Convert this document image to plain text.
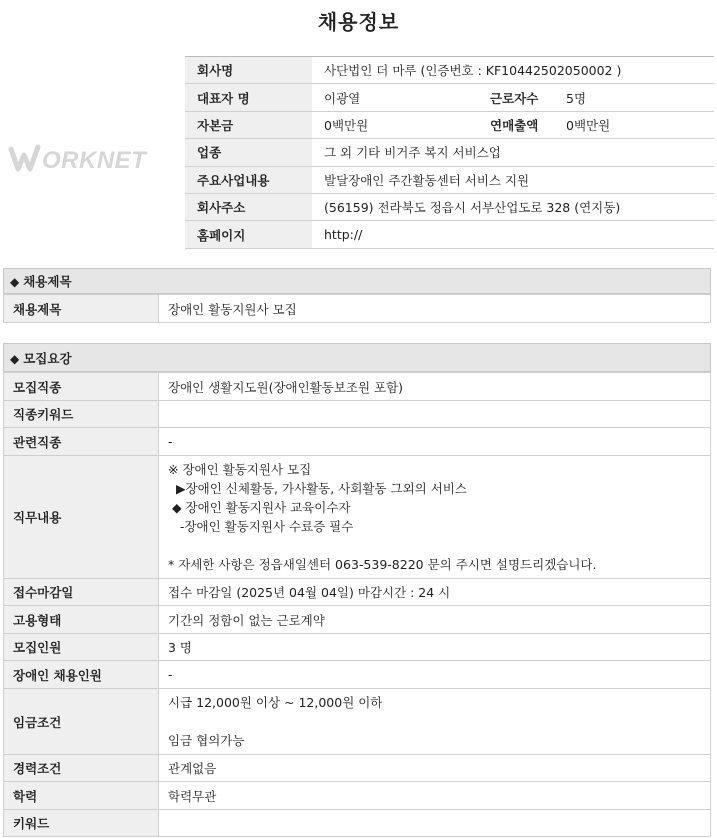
채용정보
ORKNET
회사명	사단법인 더 마루 (인증번호 : KF10442502050002 )		
대표자 명	이광열	근로자수	5명
자본금	0백만원	연매출액	0백만원
업종	그 외 기타 비거주 복지 서비스업		
주요사업내용	발달장애인 주간활동센터 서비스 지원		
회사주소	(56159) 전라북도 정읍시 서부산업도로 328 (연지동)		
홈페이지	http://		
◆ 채용제목
채용제목	장애인 활동지원사 모집
◆ 모집요강
모집직종	장애인 생활지도원(장애인활동보조원 포함)
직종키워드	
관련직종	-
직무내용	※ 장애인 활동지원사 모집
▶장애인 신체활동, 가사활동, 사회활동 그외의 서비스
◆ 장애인 활동지원사 교육이수자
-장애인 활동지원사 수료증 필수

* 자세한 사항은 정읍새일센터 063-539-8220 문의 주시면 설명드리겠습니다.

접수마감일	접수 마감일 (2025년 04월 04일) 마감시간 : 24 시
고용형태	기간의 정함이 없는 근로계약
모집인원	3 명
장애인 채용인원	-
임금조건	시급 12,000원 이상 ~ 12,000원 이하

임금 협의가능

경력조건	관계없음
학력	학력무관
키워드	
